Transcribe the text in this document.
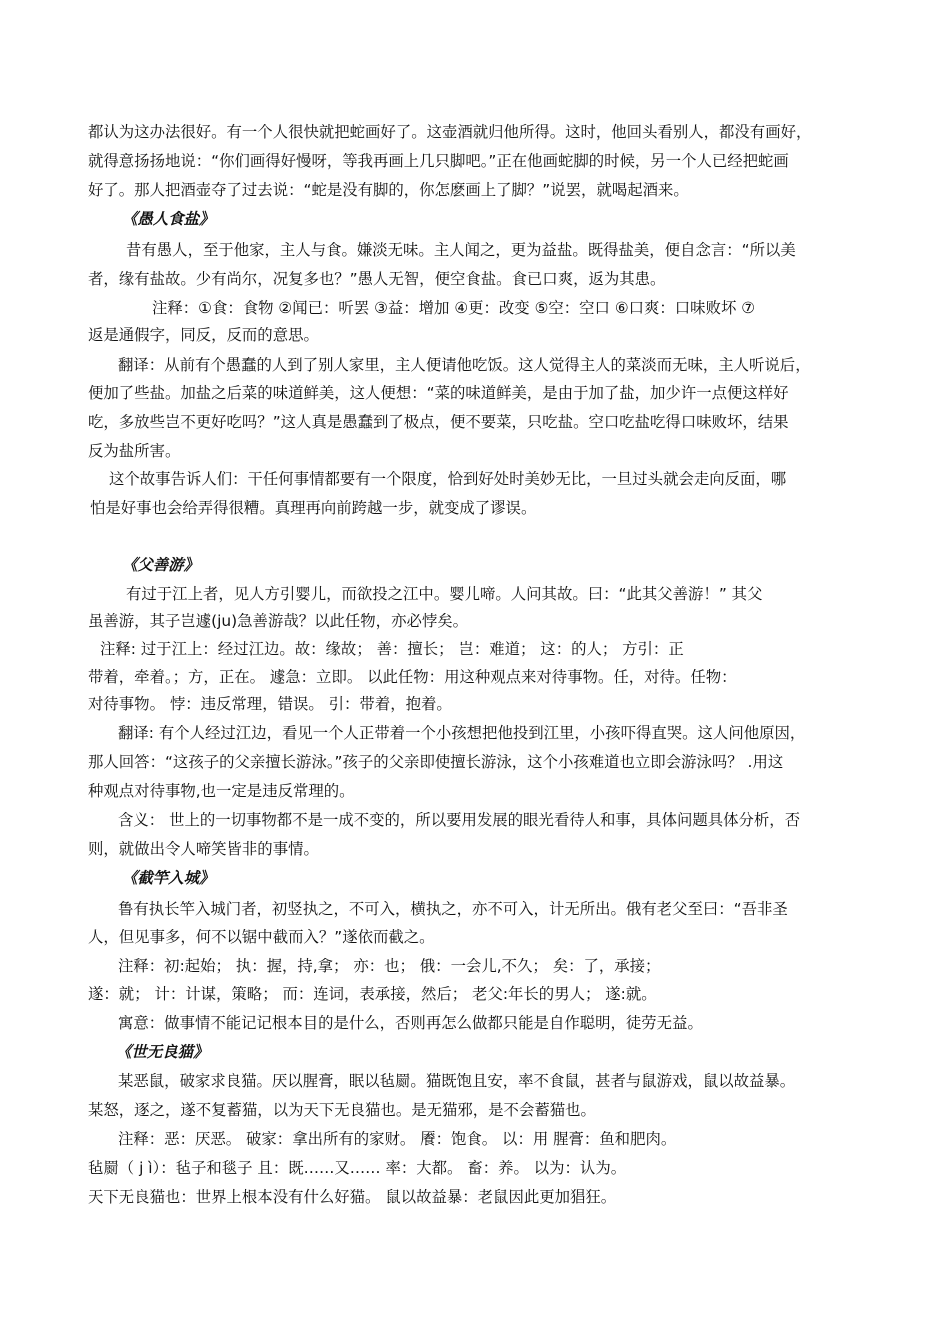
都认为这办法很好。有一个人很快就把蛇画好了。这壶酒就归他所得。这时，他回头看别人，都没有画好，

就得意扬扬地说：“你们画得好慢呀，等我再画上几只脚吧。”正在他画蛇脚的时候，另一个人已经把蛇画

好了。那人把酒壶夺了过去说：“蛇是没有脚的，你怎麽画上了脚？”说罢，就喝起酒来。

《愚人食盐》

昔有愚人，至于他家，主人与食。嫌淡无味。主人闻之，更为益盐。既得盐美，便自念言：“所以美

者，缘有盐故。少有尚尔，况复多也？”愚人无智，便空食盐。食已口爽，返为其患。

注释：①食：食物 ②闻已：听罢 ③益：增加 ④更：改变 ⑤空：空口 ⑥口爽：口味败坏 ⑦

返是通假字，同反，反而的意思。

翻译：从前有个愚蠢的人到了别人家里，主人便请他吃饭。这人觉得主人的菜淡而无味，主人听说后，

便加了些盐。加盐之后菜的味道鲜美，这人便想：“菜的味道鲜美，是由于加了盐，加少许一点便这样好

吃，多放些岂不更好吃吗？”这人真是愚蠢到了极点，便不要菜，只吃盐。空口吃盐吃得口味败坏，结果

反为盐所害。

这个故事告诉人们：干任何事情都要有一个限度，恰到好处时美妙无比，一旦过头就会走向反面，哪

怕是好事也会给弄得很糟。真理再向前跨越一步，就变成了谬误。

《父善游》

有过于江上者，见人方引婴儿，而欲投之江中。婴儿啼。人问其故。曰：“此其父善游！” 其父

虽善游，其子岂遽(ju)急善游哉？以此任物，亦必悖矣。

注释: 过于江上：经过江边。故：缘故； 善：擅长； 岂：难道； 这：的人； 方引：正

带着，牵着。；方，正在。 遽急：立即。 以此任物：用这种观点来对待事物。任，对待。任物：

对待事物。 悖：违反常理，错误。 引：带着，抱着。

翻译: 有个人经过江边，看见一个人正带着一个小孩想把他投到江里，小孩吓得直哭。这人问他原因，

那人回答：“这孩子的父亲擅长游泳。”孩子的父亲即使擅长游泳，这个小孩难道也立即会游泳吗？ .用这

种观点对待事物,也一定是违反常理的。

含义： 世上的一切事物都不是一成不变的，所以要用发展的眼光看待人和事，具体问题具体分析，否

则，就做出令人啼笑皆非的事情。

《截竿入城》

鲁有执长竿入城门者，初竖执之，不可入，横执之，亦不可入，计无所出。俄有老父至曰：“吾非圣

人，但见事多，何不以锯中截而入？”遂依而截之。

注释：初:起始； 执：握，持,拿； 亦：也； 俄：一会儿,不久； 矣：了，承接；

遂：就； 计：计谋，策略； 而：连词，表承接，然后； 老父:年长的男人； 遂:就。

寓意：做事情不能记记根本目的是什么，否则再怎么做都只能是自作聪明，徒劳无益。

《世无良猫》

某恶鼠，破家求良猫。厌以腥膏，眠以毡罽。猫既饱且安，率不食鼠，甚者与鼠游戏，鼠以故益暴。

某怒，逐之，遂不复蓄猫，以为天下无良猫也。是无猫邪，是不会蓄猫也。

注释：恶：厌恶。 破家：拿出所有的家财。 餍：饱食。 以：用 腥膏：鱼和肥肉。

毡罽（ j ì）：毡子和毯子 且：既……又…… 率：大都。 畜：养。 以为：认为。

天下无良猫也：世界上根本没有什么好猫。 鼠以故益暴：老鼠因此更加猖狂。
